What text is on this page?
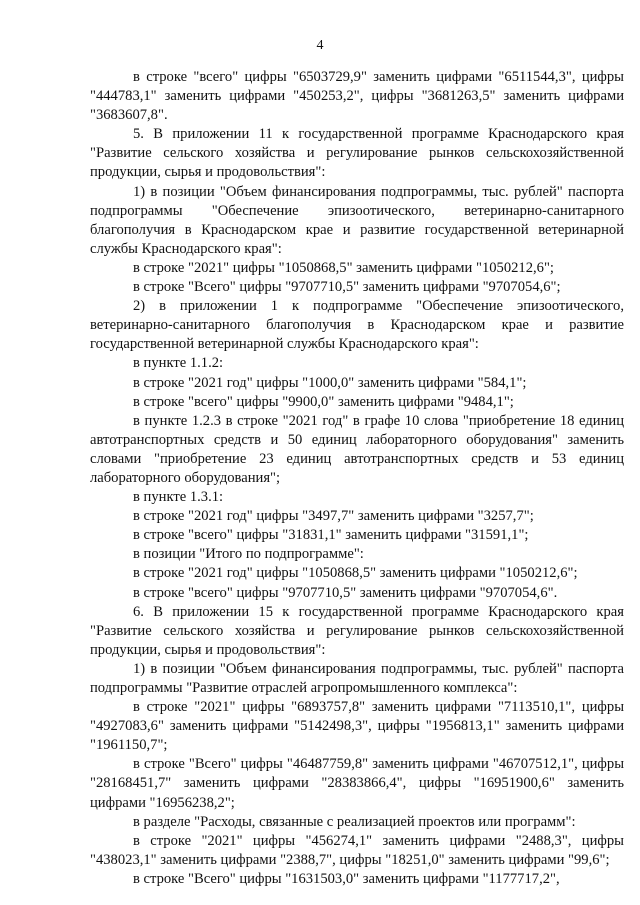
4

в строке "всего" цифры "6503729,9" заменить цифрами "6511544,3", цифры "444783,1" заменить цифрами "450253,2", цифры "3681263,5" заменить цифрами "3683607,8".

5. В приложении 11 к государственной программе Краснодарского края "Развитие сельского хозяйства и регулирование рынков сельскохозяйственной продукции, сырья и продовольствия":

1) в позиции "Объем финансирования подпрограммы, тыс. рублей" паспорта подпрограммы "Обеспечение эпизоотического, ветеринарно-санитарного благополучия в Краснодарском крае и развитие государственной ветеринарной службы Краснодарского края":

в строке "2021" цифры "1050868,5" заменить цифрами "1050212,6";

в строке "Всего" цифры "9707710,5" заменить цифрами "9707054,6";

2) в приложении 1 к подпрограмме "Обеспечение эпизоотического, ветеринарно-санитарного благополучия в Краснодарском крае и развитие государственной ветеринарной службы Краснодарского края":

в пункте 1.1.2:

в строке "2021 год" цифры "1000,0" заменить цифрами "584,1";

в строке "всего" цифры "9900,0" заменить цифрами "9484,1";

в пункте 1.2.3 в строке "2021 год" в графе 10 слова "приобретение 18 единиц автотранспортных средств и 50 единиц лабораторного оборудования" заменить словами "приобретение 23 единиц автотранспортных средств и 53 единиц лабораторного оборудования";

в пункте 1.3.1:

в строке "2021 год" цифры "3497,7" заменить цифрами "3257,7";

в строке "всего" цифры "31831,1" заменить цифрами "31591,1";

в позиции "Итого по подпрограмме":

в строке "2021 год" цифры "1050868,5" заменить цифрами "1050212,6";

в строке "всего" цифры "9707710,5" заменить цифрами "9707054,6".

6. В приложении 15 к государственной программе Краснодарского края "Развитие сельского хозяйства и регулирование рынков сельскохозяйственной продукции, сырья и продовольствия":

1) в позиции "Объем финансирования подпрограммы, тыс. рублей" паспорта подпрограммы "Развитие отраслей агропромышленного комплекса":

в строке "2021" цифры "6893757,8" заменить цифрами "7113510,1", цифры "4927083,6" заменить цифрами "5142498,3", цифры "1956813,1" заменить цифрами "1961150,7";

в строке "Всего" цифры "46487759,8" заменить цифрами "46707512,1", цифры "28168451,7" заменить цифрами "28383866,4", цифры "16951900,6" заменить цифрами "16956238,2";

в разделе "Расходы, связанные с реализацией проектов или программ":

в строке "2021" цифры "456274,1" заменить цифрами "2488,3", цифры "438023,1" заменить цифрами "2388,7", цифры "18251,0" заменить цифрами "99,6";

в строке "Всего" цифры "1631503,0" заменить цифрами "1177717,2",
